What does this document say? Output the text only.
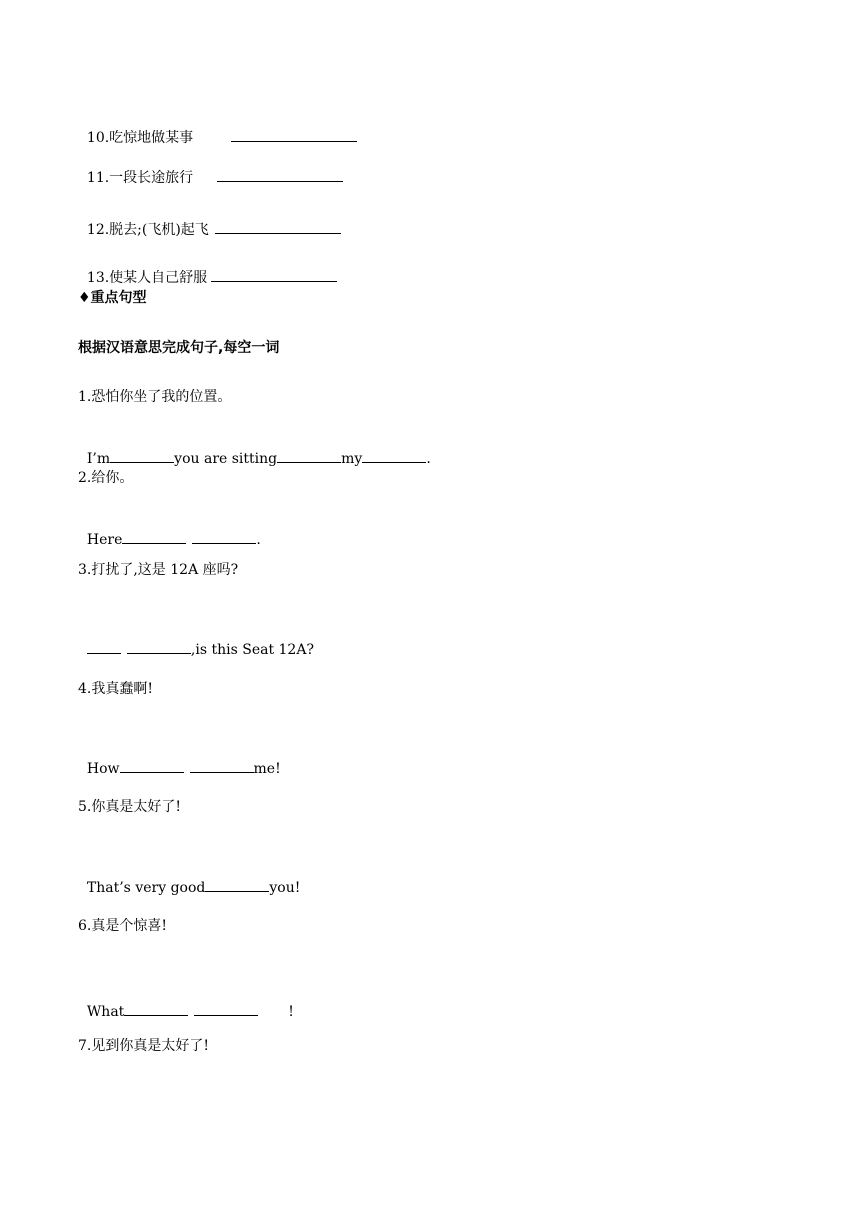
10.吃惊地做某事

11.一段长途旅行

12.脱去;(飞机)起飞

13.使某人自己舒服

♦重点句型
根据汉语意思完成句子,每空一词
1.恐怕你坐了我的位置。

I’m	you are sitting	my	.

2.给你。

Here	.

3.打扰了,这是 12A 座吗?

,is this Seat 12A?

4.我真蠢啊!

How	me!

5.你真是太好了!

That’s very good	you!

6.真是个惊喜!

What	!

7.见到你真是太好了!
